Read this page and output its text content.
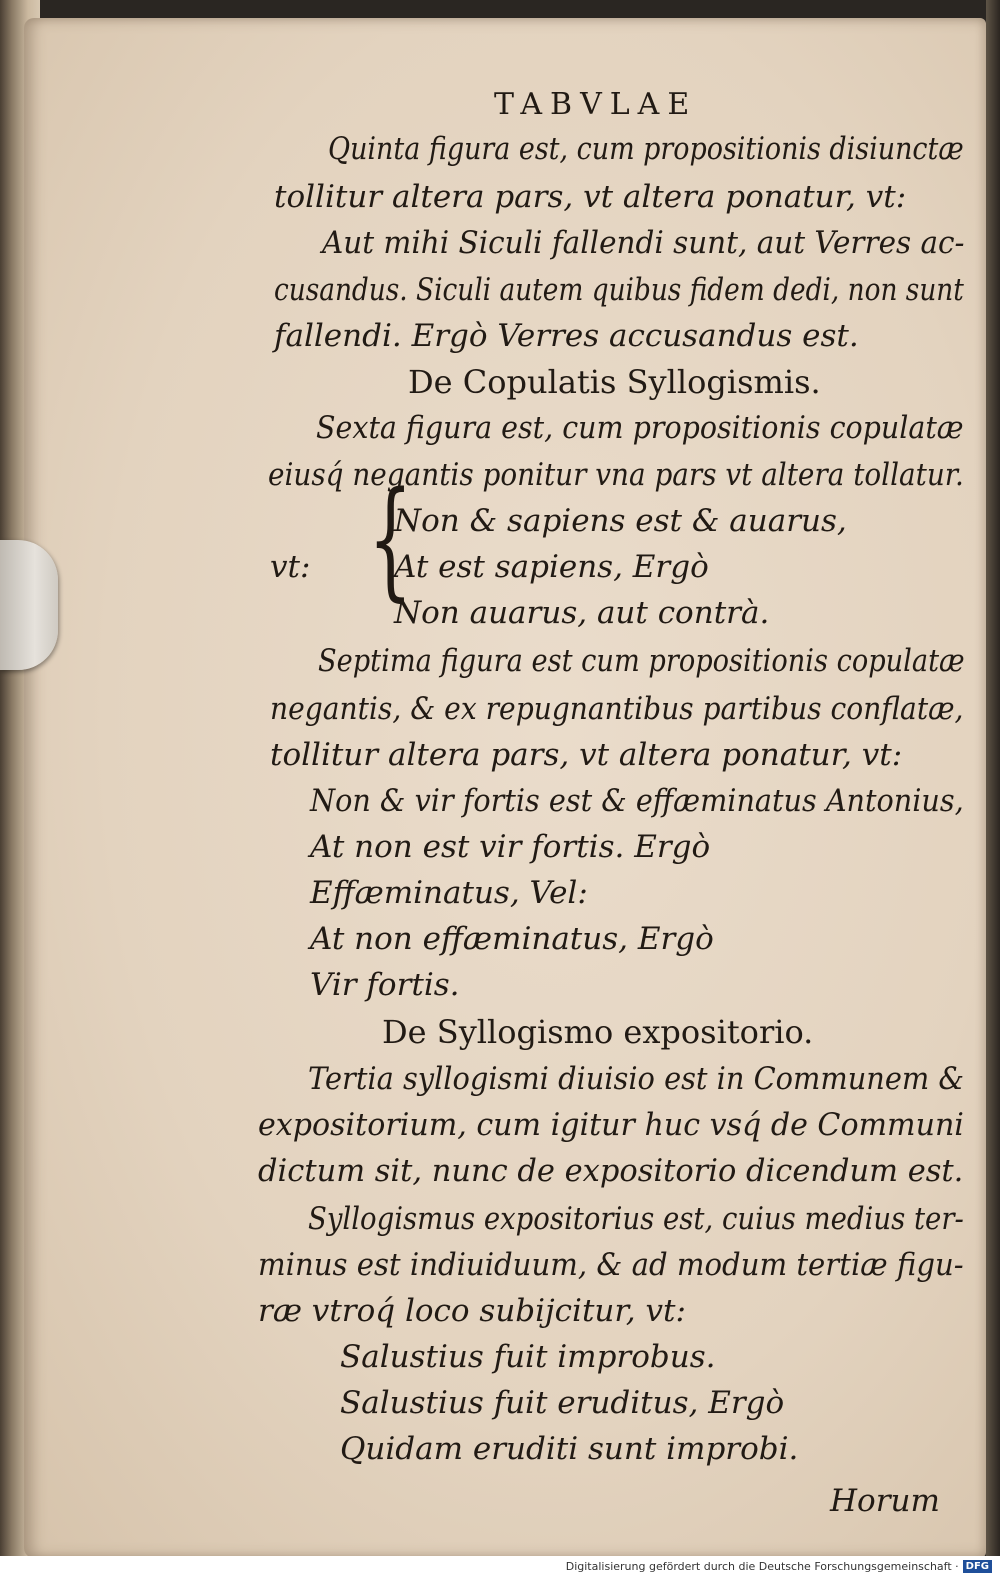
TABVLAE
Quinta figura est, cum propositionis disiunctæ
tollitur altera pars, vt altera ponatur, vt:
Aut mihi Siculi fallendi sunt, aut Verres ac-
cusandus. Siculi autem quibus fidem dedi, non sunt
fallendi. Ergò Verres accusandus est.
De Copulatis Syllogismis.
Sexta figura est, cum propositionis copulatæ
eiusq́ negantis ponitur vna pars vt altera tollatur.
{
Non & sapiens est & auarus,
vt:	At est sapiens, Ergò
Non auarus, aut contrà.
Septima figura est cum propositionis copulatæ
negantis, & ex repugnantibus partibus conflatæ,
tollitur altera pars, vt altera ponatur, vt:
Non & vir fortis est & effæminatus Antonius,
At non est vir fortis. Ergò
Effæminatus, Vel:
At non effæminatus, Ergò
Vir fortis.
De Syllogismo expositorio.
Tertia syllogismi diuisio est in Communem &
expositorium, cum igitur huc vsq́ de Communi
dictum sit, nunc de expositorio dicendum est.
Syllogismus expositorius est, cuius medius ter-
minus est indiuiduum, & ad modum tertiæ figu-
ræ vtroq́ loco subijcitur, vt:
Salustius fuit improbus.
Salustius fuit eruditus, Ergò
Quidam eruditi sunt improbi.
Horum
Digitalisierung gefördert durch die Deutsche Forschungsgemeinschaft · DFG
